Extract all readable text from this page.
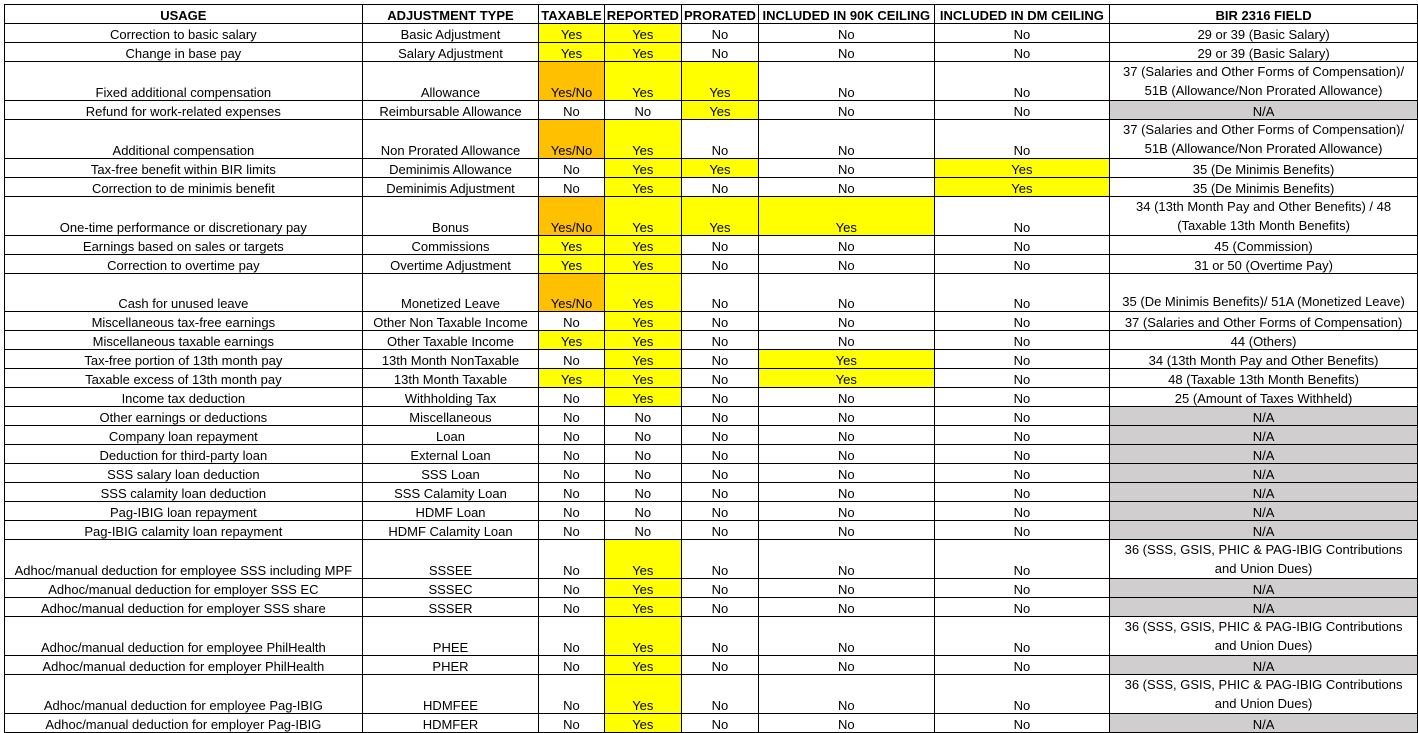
USAGE	ADJUSTMENT TYPE	TAXABLE	REPORTED	PRORATED	INCLUDED IN 90K CEILING	INCLUDED IN DM CEILING	BIR 2316 FIELD
Correction to basic salary	Basic Adjustment	Yes	Yes	No	No	No	29 or 39 (Basic Salary)
Change in base pay	Salary Adjustment	Yes	Yes	No	No	No	29 or 39 (Basic Salary)
Fixed additional compensation	Allowance	Yes/No	Yes	Yes	No	No	37 (Salaries and Other Forms of Compensation)/ 51B (Allowance/Non Prorated Allowance)
Refund for work-related expenses	Reimbursable Allowance	No	No	Yes	No	No	N/A
Additional compensation	Non Prorated Allowance	Yes/No	Yes	No	No	No	37 (Salaries and Other Forms of Compensation)/ 51B (Allowance/Non Prorated Allowance)
Tax-free benefit within BIR limits	Deminimis Allowance	No	Yes	Yes	No	Yes	35 (De Minimis Benefits)
Correction to de minimis benefit	Deminimis Adjustment	No	Yes	No	No	Yes	35 (De Minimis Benefits)
One-time performance or discretionary pay	Bonus	Yes/No	Yes	Yes	Yes	No	34 (13th Month Pay and Other Benefits) / 48 (Taxable 13th Month Benefits)
Earnings based on sales or targets	Commissions	Yes	Yes	No	No	No	45 (Commission)
Correction to overtime pay	Overtime Adjustment	Yes	Yes	No	No	No	31 or 50 (Overtime Pay)
Cash for unused leave	Monetized Leave	Yes/No	Yes	No	No	No	35 (De Minimis Benefits)/ 51A (Monetized Leave)
Miscellaneous tax-free earnings	Other Non Taxable Income	No	Yes	No	No	No	37 (Salaries and Other Forms of Compensation)
Miscellaneous taxable earnings	Other Taxable Income	Yes	Yes	No	No	No	44 (Others)
Tax-free portion of 13th month pay	13th Month NonTaxable	No	Yes	No	Yes	No	34 (13th Month Pay and Other Benefits)
Taxable excess of 13th month pay	13th Month Taxable	Yes	Yes	No	Yes	No	48 (Taxable 13th Month Benefits)
Income tax deduction	Withholding Tax	No	Yes	No	No	No	25 (Amount of Taxes Withheld)
Other earnings or deductions	Miscellaneous	No	No	No	No	No	N/A
Company loan repayment	Loan	No	No	No	No	No	N/A
Deduction for third-party loan	External Loan	No	No	No	No	No	N/A
SSS salary loan deduction	SSS Loan	No	No	No	No	No	N/A
SSS calamity loan deduction	SSS Calamity Loan	No	No	No	No	No	N/A
Pag-IBIG loan repayment	HDMF Loan	No	No	No	No	No	N/A
Pag-IBIG calamity loan repayment	HDMF Calamity Loan	No	No	No	No	No	N/A
Adhoc/manual deduction for employee SSS including MPF	SSSEE	No	Yes	No	No	No	36 (SSS, GSIS, PHIC & PAG-IBIG Contributions and Union Dues)
Adhoc/manual deduction for employer SSS EC	SSSEC	No	Yes	No	No	No	N/A
Adhoc/manual deduction for employer SSS share	SSSER	No	Yes	No	No	No	N/A
Adhoc/manual deduction for employee PhilHealth	PHEE	No	Yes	No	No	No	36 (SSS, GSIS, PHIC & PAG-IBIG Contributions and Union Dues)
Adhoc/manual deduction for employer PhilHealth	PHER	No	Yes	No	No	No	N/A
Adhoc/manual deduction for employee Pag-IBIG	HDMFEE	No	Yes	No	No	No	36 (SSS, GSIS, PHIC & PAG-IBIG Contributions and Union Dues)
Adhoc/manual deduction for employer Pag-IBIG	HDMFER	No	Yes	No	No	No	N/A
